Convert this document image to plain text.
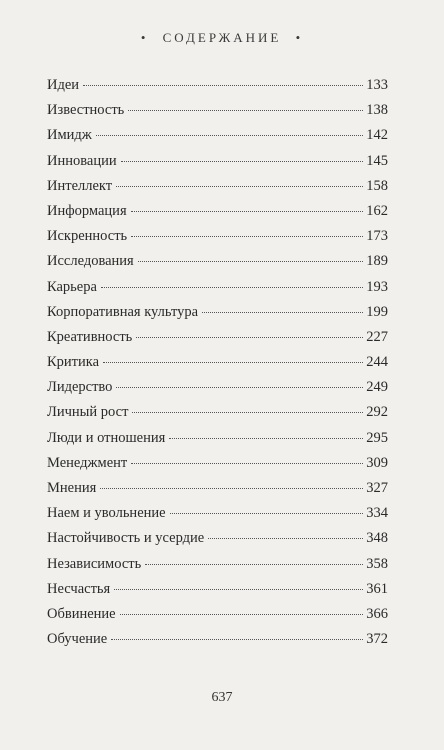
• СОДЕРЖАНИЕ •
Идеи	133
Известность	138
Имидж	142
Инновации	145
Интеллект	158
Информация	162
Искренность	173
Исследования	189
Карьера	193
Корпоративная культура	199
Креативность	227
Критика	244
Лидерство	249
Личный рост	292
Люди и отношения	295
Менеджмент	309
Мнения	327
Наем и увольнение	334
Настойчивость и усердие	348
Независимость	358
Несчастья	361
Обвинение	366
Обучение	372
637
